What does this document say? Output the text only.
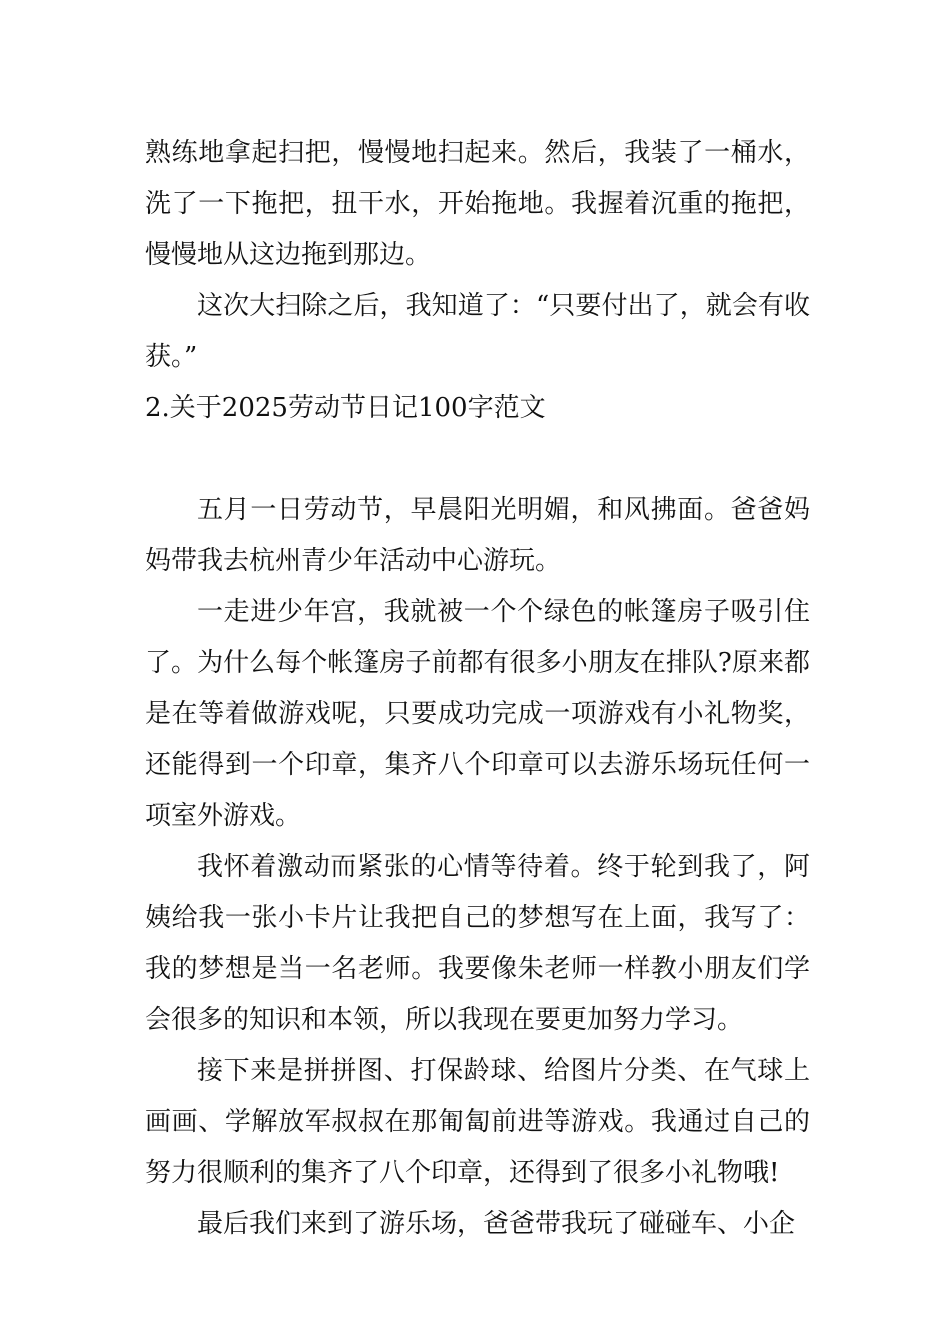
熟练地拿起扫把，慢慢地扫起来。然后，我装了一桶水，洗了一下拖把，扭干水，开始拖地。我握着沉重的拖把，慢慢地从这边拖到那边。

这次大扫除之后，我知道了：“只要付出了，就会有收获。”

2.关于2025劳动节日记100字范文

五月一日劳动节，早晨阳光明媚，和风拂面。爸爸妈妈带我去杭州青少年活动中心游玩。

一走进少年宫，我就被一个个绿色的帐篷房子吸引住了。为什么每个帐篷房子前都有很多小朋友在排队?原来都是在等着做游戏呢，只要成功完成一项游戏有小礼物奖，还能得到一个印章，集齐八个印章可以去游乐场玩任何一项室外游戏。

我怀着激动而紧张的心情等待着。终于轮到我了，阿姨给我一张小卡片让我把自己的梦想写在上面，我写了：我的梦想是当一名老师。我要像朱老师一样教小朋友们学会很多的知识和本领，所以我现在要更加努力学习。

接下来是拼拼图、打保龄球、给图片分类、在气球上画画、学解放军叔叔在那匍匐前进等游戏。我通过自己的努力很顺利的集齐了八个印章，还得到了很多小礼物哦!

最后我们来到了游乐场，爸爸带我玩了碰碰车、小企
